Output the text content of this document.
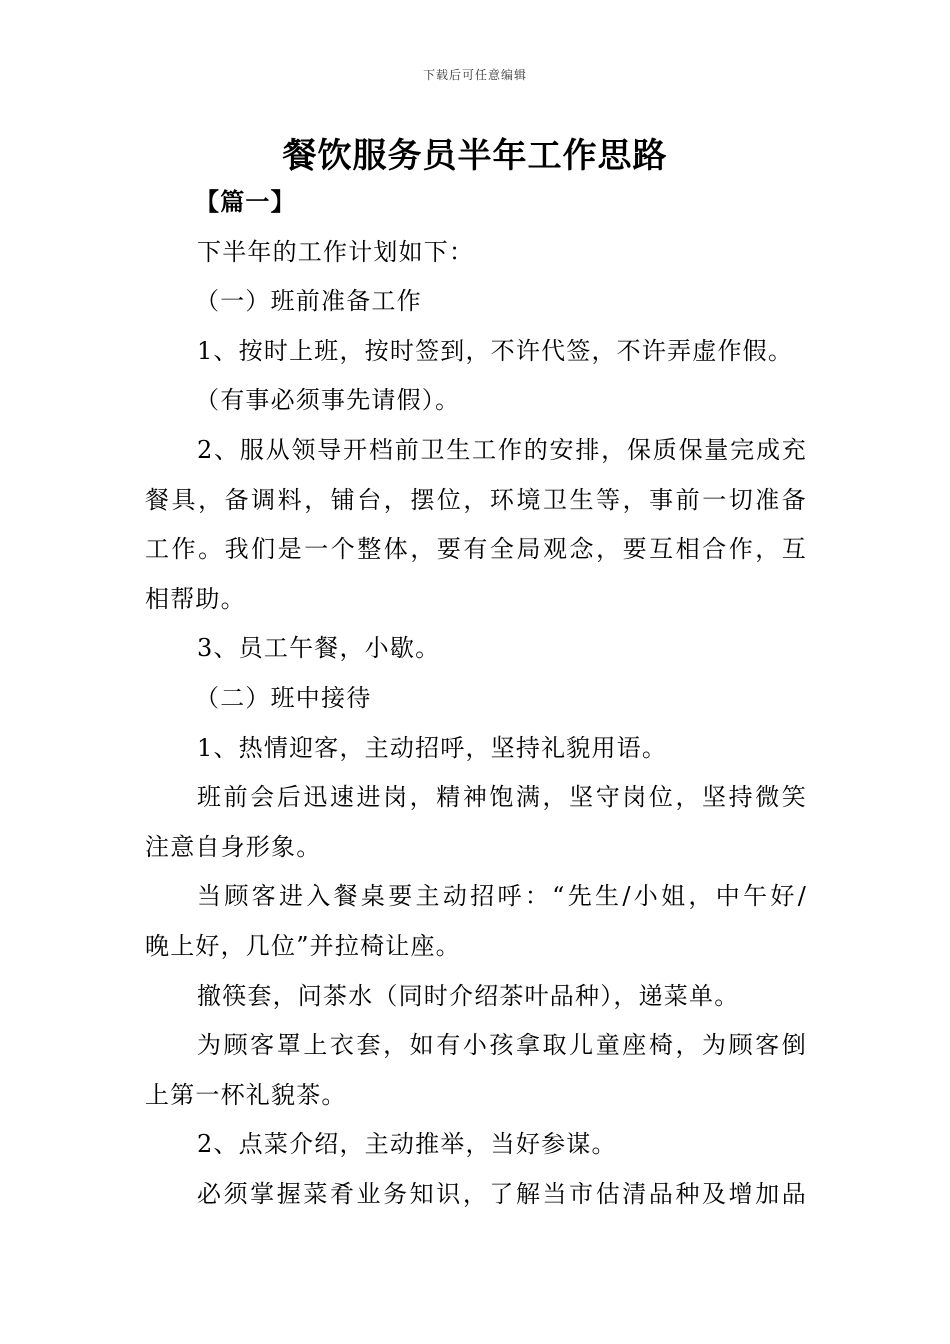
下载后可任意编辑
餐饮服务员半年工作思路
【篇一】
下半年的工作计划如下：
（一）班前准备工作
1、按时上班，按时签到，不许代签，不许弄虚作假。
（有事必须事先请假）。
2、服从领导开档前卫生工作的安排，保质保量完成充
餐具，备调料，铺台，摆位，环境卫生等，事前一切准备
工作。我们是一个整体，要有全局观念，要互相合作，互
相帮助。
3、员工午餐，小歇。
（二）班中接待
1、热情迎客，主动招呼，坚持礼貌用语。
班前会后迅速进岗，精神饱满，坚守岗位，坚持微笑
注意自身形象。
当顾客进入餐桌要主动招呼：“先生/小姐，中午好/
晚上好，几位”并拉椅让座。
撤筷套，问茶水（同时介绍茶叶品种），递菜单。
为顾客罩上衣套，如有小孩拿取儿童座椅，为顾客倒
上第一杯礼貌茶。
2、点菜介绍，主动推举，当好参谋。
必须掌握菜肴业务知识，了解当市估清品种及增加品
